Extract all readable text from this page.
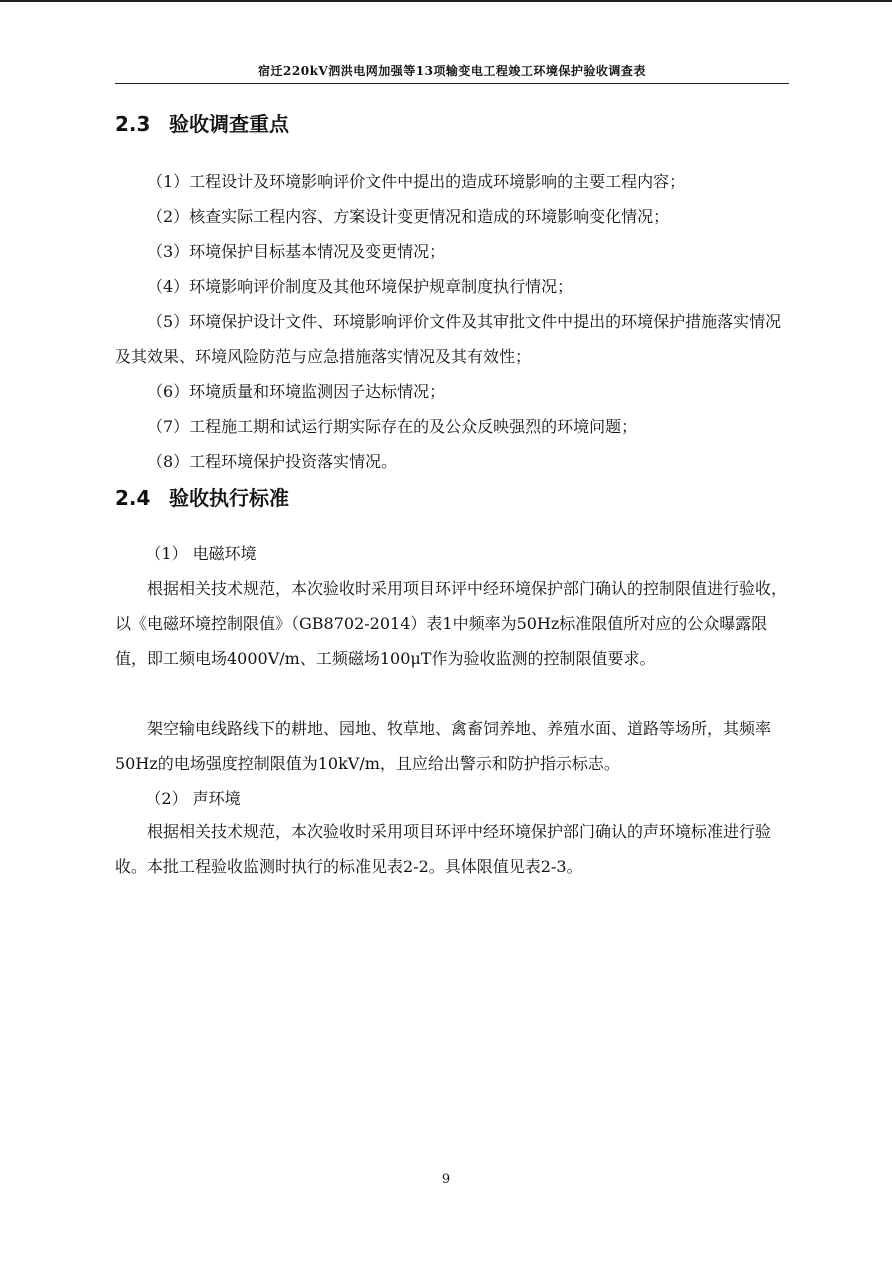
宿迁220kV泗洪电网加强等13项输变电工程竣工环境保护验收调查表
2.3 验收调查重点

（1）工程设计及环境影响评价文件中提出的造成环境影响的主要工程内容；

（2）核查实际工程内容、方案设计变更情况和造成的环境影响变化情况；

（3）环境保护目标基本情况及变更情况；

（4）环境影响评价制度及其他环境保护规章制度执行情况；

（5）环境保护设计文件、环境影响评价文件及其审批文件中提出的环境保护措施落实情况及其效果、环境风险防范与应急措施落实情况及其有效性；

（6）环境质量和环境监测因子达标情况；

（7）工程施工期和试运行期实际存在的及公众反映强烈的环境问题；

（8）工程环境保护投资落实情况。

2.4 验收执行标准

（1） 电磁环境

根据相关技术规范，本次验收时采用项目环评中经环境保护部门确认的控制限值进行验收，以《电磁环境控制限值》（GB8702-2014）表1中频率为50Hz标准限值所对应的公众曝露限值，即工频电场4000V/m、工频磁场100μT作为验收监测的控制限值要求。

架空输电线路线下的耕地、园地、牧草地、禽畜饲养地、养殖水面、道路等场所，其频率50Hz的电场强度控制限值为10kV/m，且应给出警示和防护指示标志。

（2） 声环境

根据相关技术规范，本次验收时采用项目环评中经环境保护部门确认的声环境标准进行验收。本批工程验收监测时执行的标准见表2-2。具体限值见表2-3。

9
